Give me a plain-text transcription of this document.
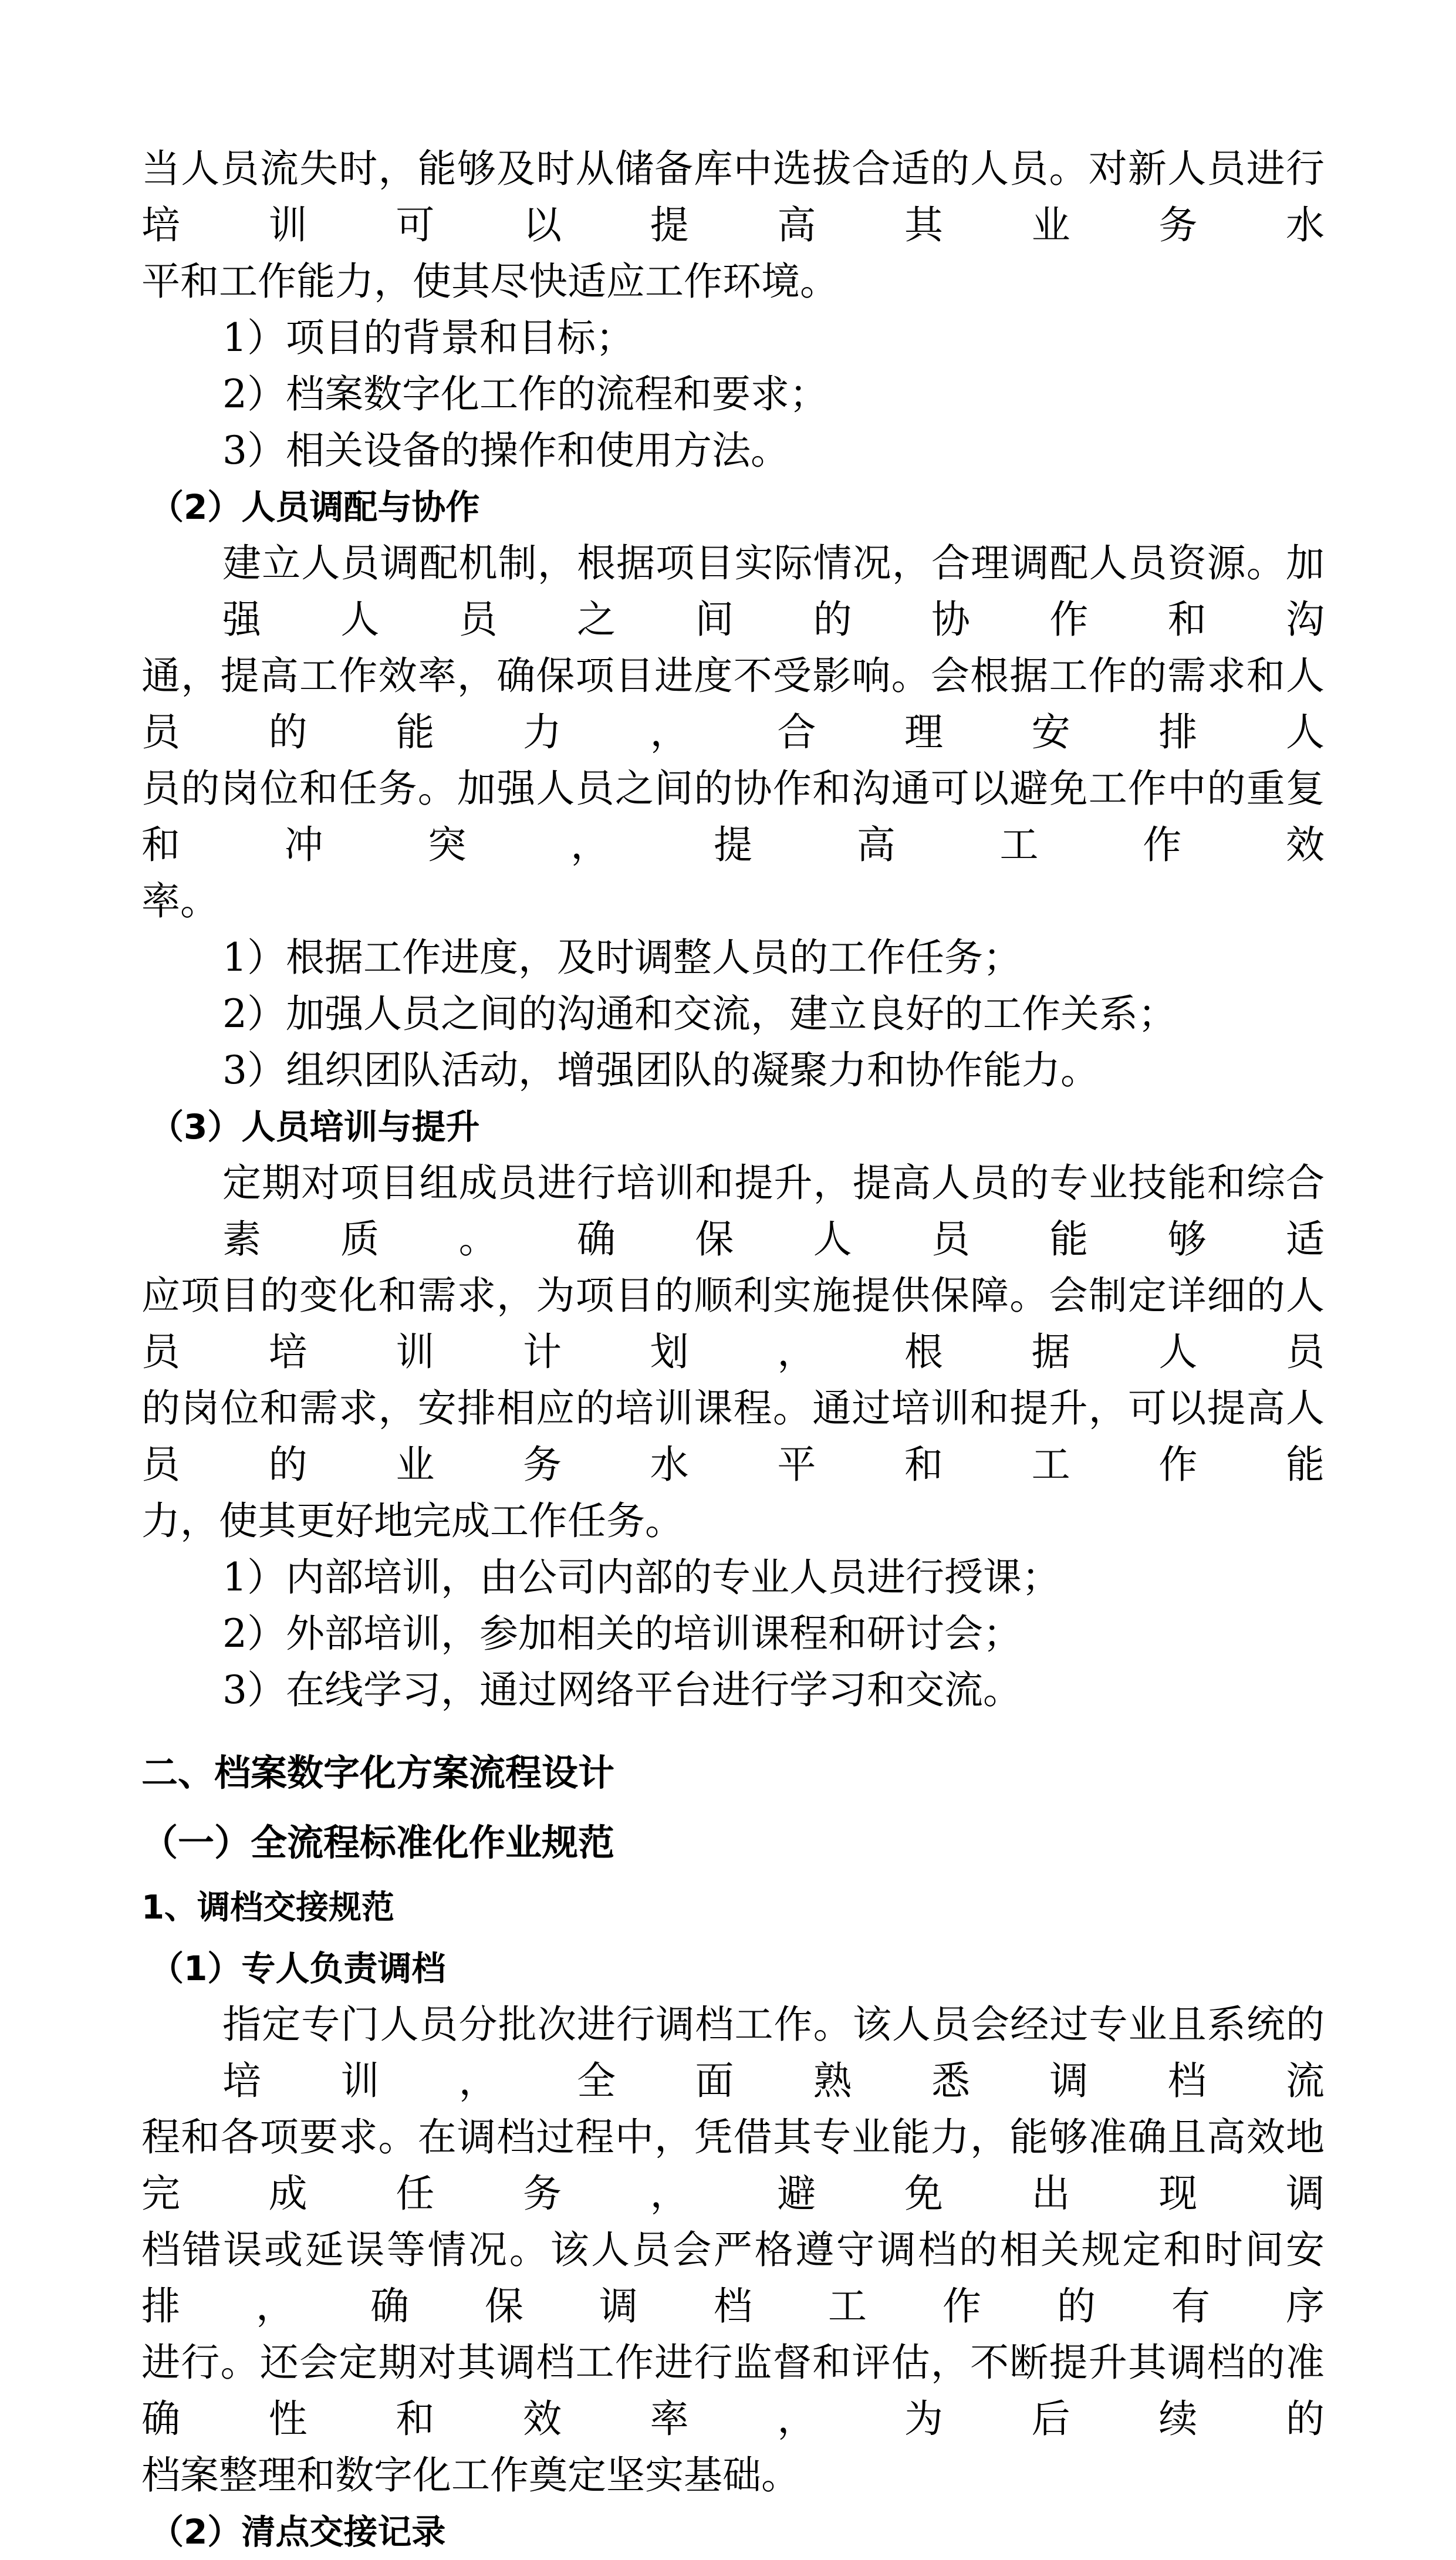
当人员流失时，能够及时从储备库中选拔合适的人员。对新人员进行培训可以提高其业务水
平和工作能力，使其尽快适应工作环境。
1）项目的背景和目标；
2）档案数字化工作的流程和要求；
3）相关设备的操作和使用方法。
（2）人员调配与协作
建立人员调配机制，根据项目实际情况，合理调配人员资源。加强人员之间的协作和沟
通，提高工作效率，确保项目进度不受影响。会根据工作的需求和人员的能力，合理安排人
员的岗位和任务。加强人员之间的协作和沟通可以避免工作中的重复和冲突，提高工作效
率。
1）根据工作进度，及时调整人员的工作任务；
2）加强人员之间的沟通和交流，建立良好的工作关系；
3）组织团队活动，增强团队的凝聚力和协作能力。
（3）人员培训与提升
定期对项目组成员进行培训和提升，提高人员的专业技能和综合素质。确保人员能够适
应项目的变化和需求，为项目的顺利实施提供保障。会制定详细的人员培训计划，根据人员
的岗位和需求，安排相应的培训课程。通过培训和提升，可以提高人员的业务水平和工作能
力，使其更好地完成工作任务。
1）内部培训，由公司内部的专业人员进行授课；
2）外部培训，参加相关的培训课程和研讨会；
3）在线学习，通过网络平台进行学习和交流。
二、档案数字化方案流程设计
（一）全流程标准化作业规范
1、调档交接规范
（1）专人负责调档
指定专门人员分批次进行调档工作。该人员会经过专业且系统的培训，全面熟悉调档流
程和各项要求。在调档过程中，凭借其专业能力，能够准确且高效地完成任务，避免出现调
档错误或延误等情况。该人员会严格遵守调档的相关规定和时间安排，确保调档工作的有序
进行。还会定期对其调档工作进行监督和评估，不断提升其调档的准确性和效率，为后续的
档案整理和数字化工作奠定坚实基础。
（2）清点交接记录
